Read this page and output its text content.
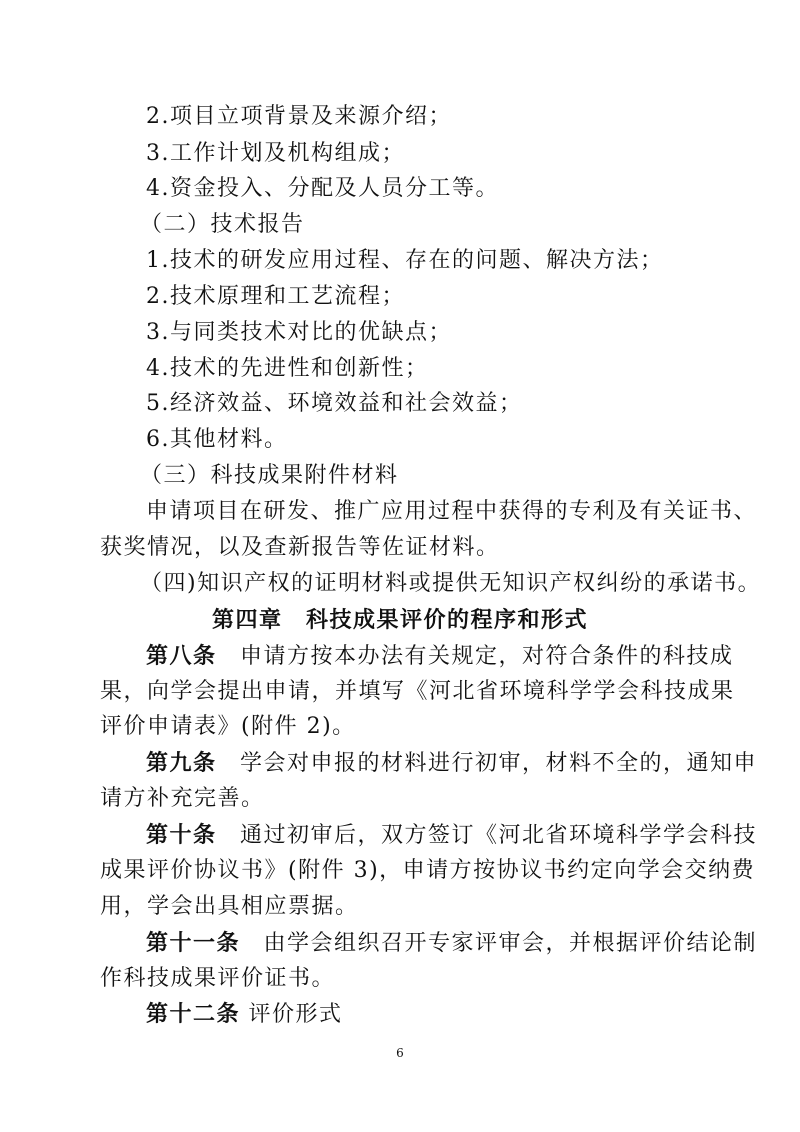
2.项目立项背景及来源介绍；
3.工作计划及机构组成；
4.资金投入、分配及人员分工等。
（二）技术报告
1.技术的研发应用过程、存在的问题、解决方法；
2.技术原理和工艺流程；
3.与同类技术对比的优缺点；
4.技术的先进性和创新性；
5.经济效益、环境效益和社会效益；
6.其他材料。
（三）科技成果附件材料
申请项目在研发、推广应用过程中获得的专利及有关证书、
获奖情况，以及查新报告等佐证材料。
（四)知识产权的证明材料或提供无知识产权纠纷的承诺书。
第四章　科技成果评价的程序和形式
第八条　 申请方按本办法有关规定，对符合条件的科技成
果，向学会提出申请，并填写《河北省环境科学学会科技成果
评价申请表》(附件 2)。
第九条　 学会对申报的材料进行初审，材料不全的，通知申
请方补充完善。
第十条　 通过初审后，双方签订《河北省环境科学学会科技
成果评价协议书》(附件 3)，申请方按协议书约定向学会交纳费
用，学会出具相应票据。
第十一条　 由学会组织召开专家评审会，并根据评价结论制
作科技成果评价证书。
第十二条 评价形式
6
